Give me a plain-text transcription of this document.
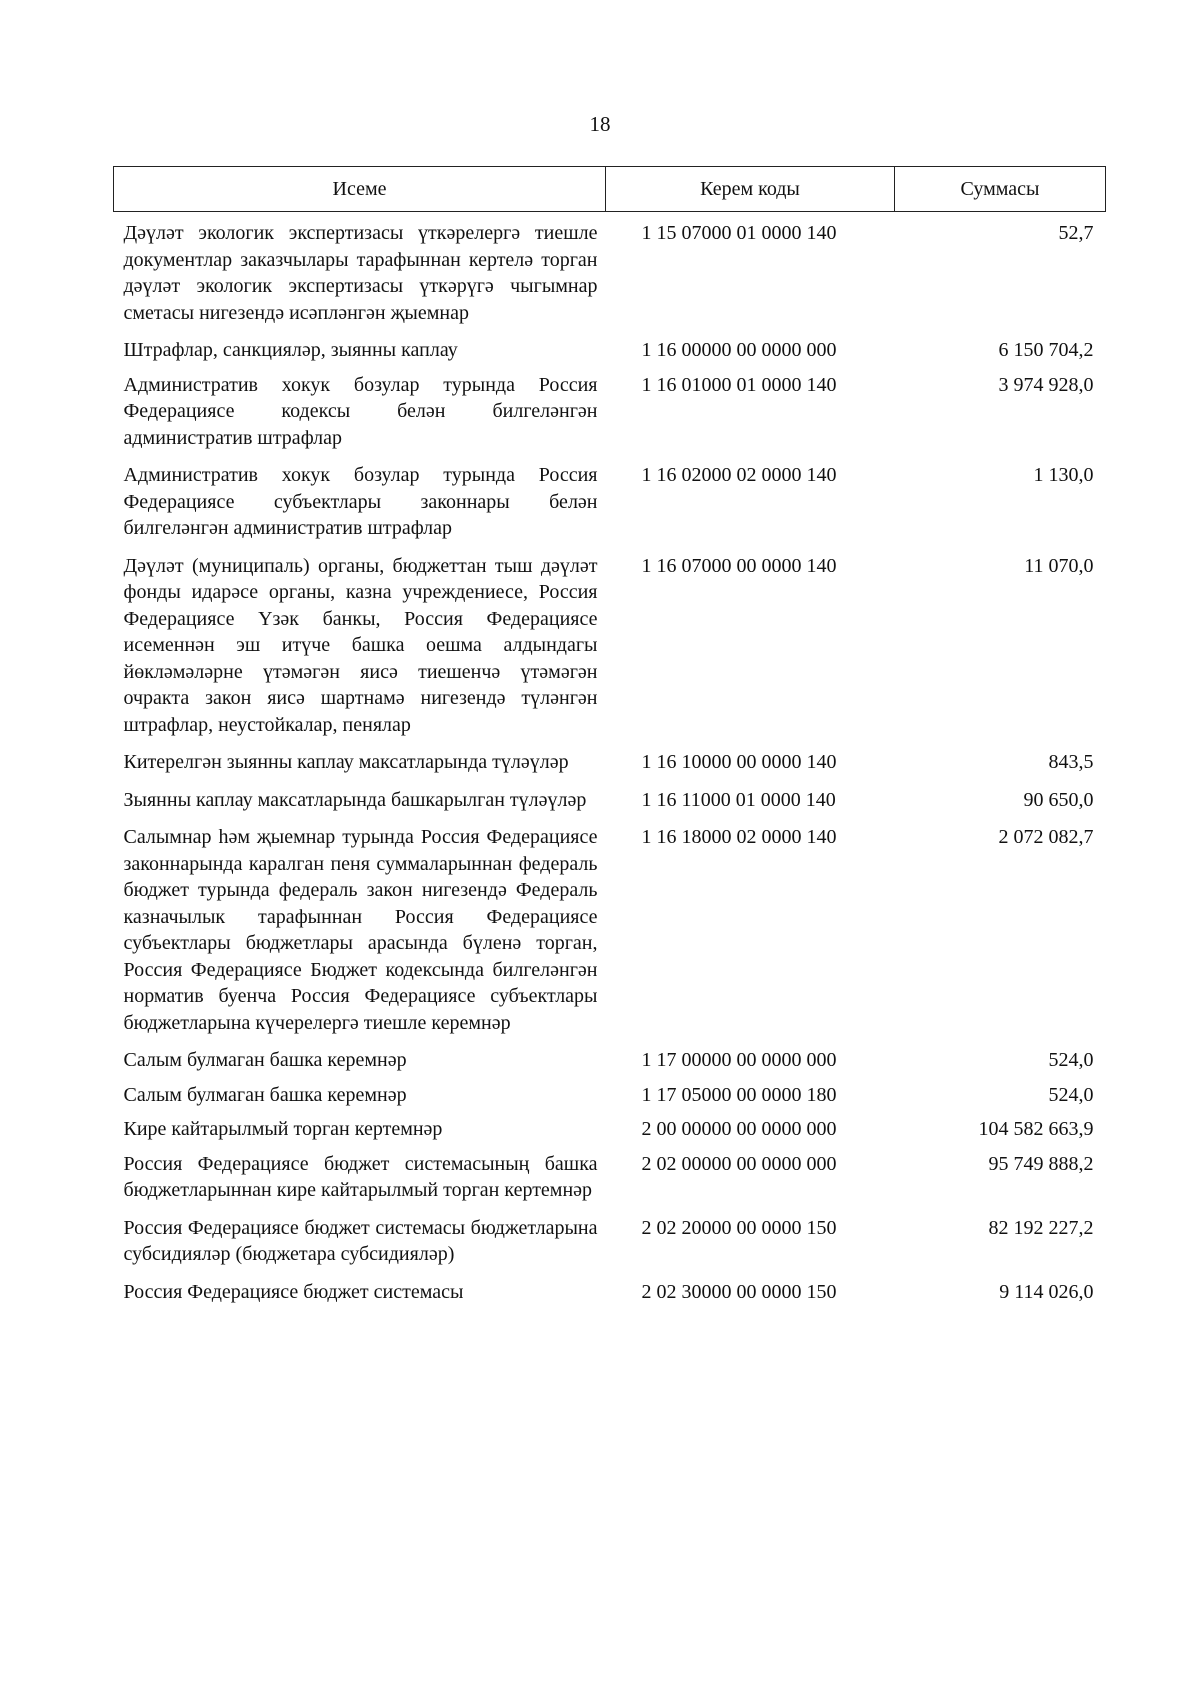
18
Исеме	Керем коды	Суммасы
Дәүләт экологик экспертизасы үткәрелергә тиешле документлар заказчылары тарафыннан кертелә торган дәүләт экологик экспертизасы үткәрүгә чыгымнар сметасы нигезендә исәпләнгән җыемнар	1 15 07000 01 0000 140	52,7
Штрафлар, санкцияләр, зыянны каплау	1 16 00000 00 0000 000	6 150 704,2
Административ хокук бозулар турында Россия Федерациясе кодексы белән билгеләнгән административ штрафлар	1 16 01000 01 0000 140	3 974 928,0
Административ хокук бозулар турында Россия Федерациясе субъектлары законнары белән билгеләнгән административ штрафлар	1 16 02000 02 0000 140	1 130,0
Дәүләт (муниципаль) органы, бюджеттан тыш дәүләт фонды идарәсе органы, казна учреждениесе, Россия Федерациясе Үзәк банкы, Россия Федерациясе исеменнән эш итүче башка оешма алдындагы йөкләмәләрне үтәмәгән яисә тиешенчә үтәмәгән очракта закон яисә шартнамә нигезендә түләнгән штрафлар, неустойкалар, пенялар	1 16 07000 00 0000 140	11 070,0
Китерелгән зыянны каплау максатларында түләүләр	1 16 10000 00 0000 140	843,5
Зыянны каплау максатларында башкарылган түләүләр	1 16 11000 01 0000 140	90 650,0
Салымнар һәм җыемнар турында Россия Федерациясе законнарында каралган пеня суммаларыннан федераль бюджет турында федераль закон нигезендә Федераль казначылык тарафыннан Россия Федерациясе субъектлары бюджетлары арасында бүленә торган, Россия Федерациясе Бюджет кодексында билгеләнгән норматив буенча Россия Федерациясе субъектлары бюджетларына күчерелергә тиешле керемнәр	1 16 18000 02 0000 140	2 072 082,7
Салым булмаган башка керемнәр	1 17 00000 00 0000 000	524,0
Салым булмаган башка керемнәр	1 17 05000 00 0000 180	524,0
Кире кайтарылмый торган кертемнәр	2 00 00000 00 0000 000	104 582 663,9
Россия Федерациясе бюджет системасының башка бюджетларыннан кире кайтарылмый торган кертемнәр	2 02 00000 00 0000 000	95 749 888,2
Россия Федерациясе бюджет системасы бюджетларына субсидияләр (бюджетара субсидияләр)	2 02 20000 00 0000 150	82 192 227,2
Россия Федерациясе бюджет системасы	2 02 30000 00 0000 150	9 114 026,0
